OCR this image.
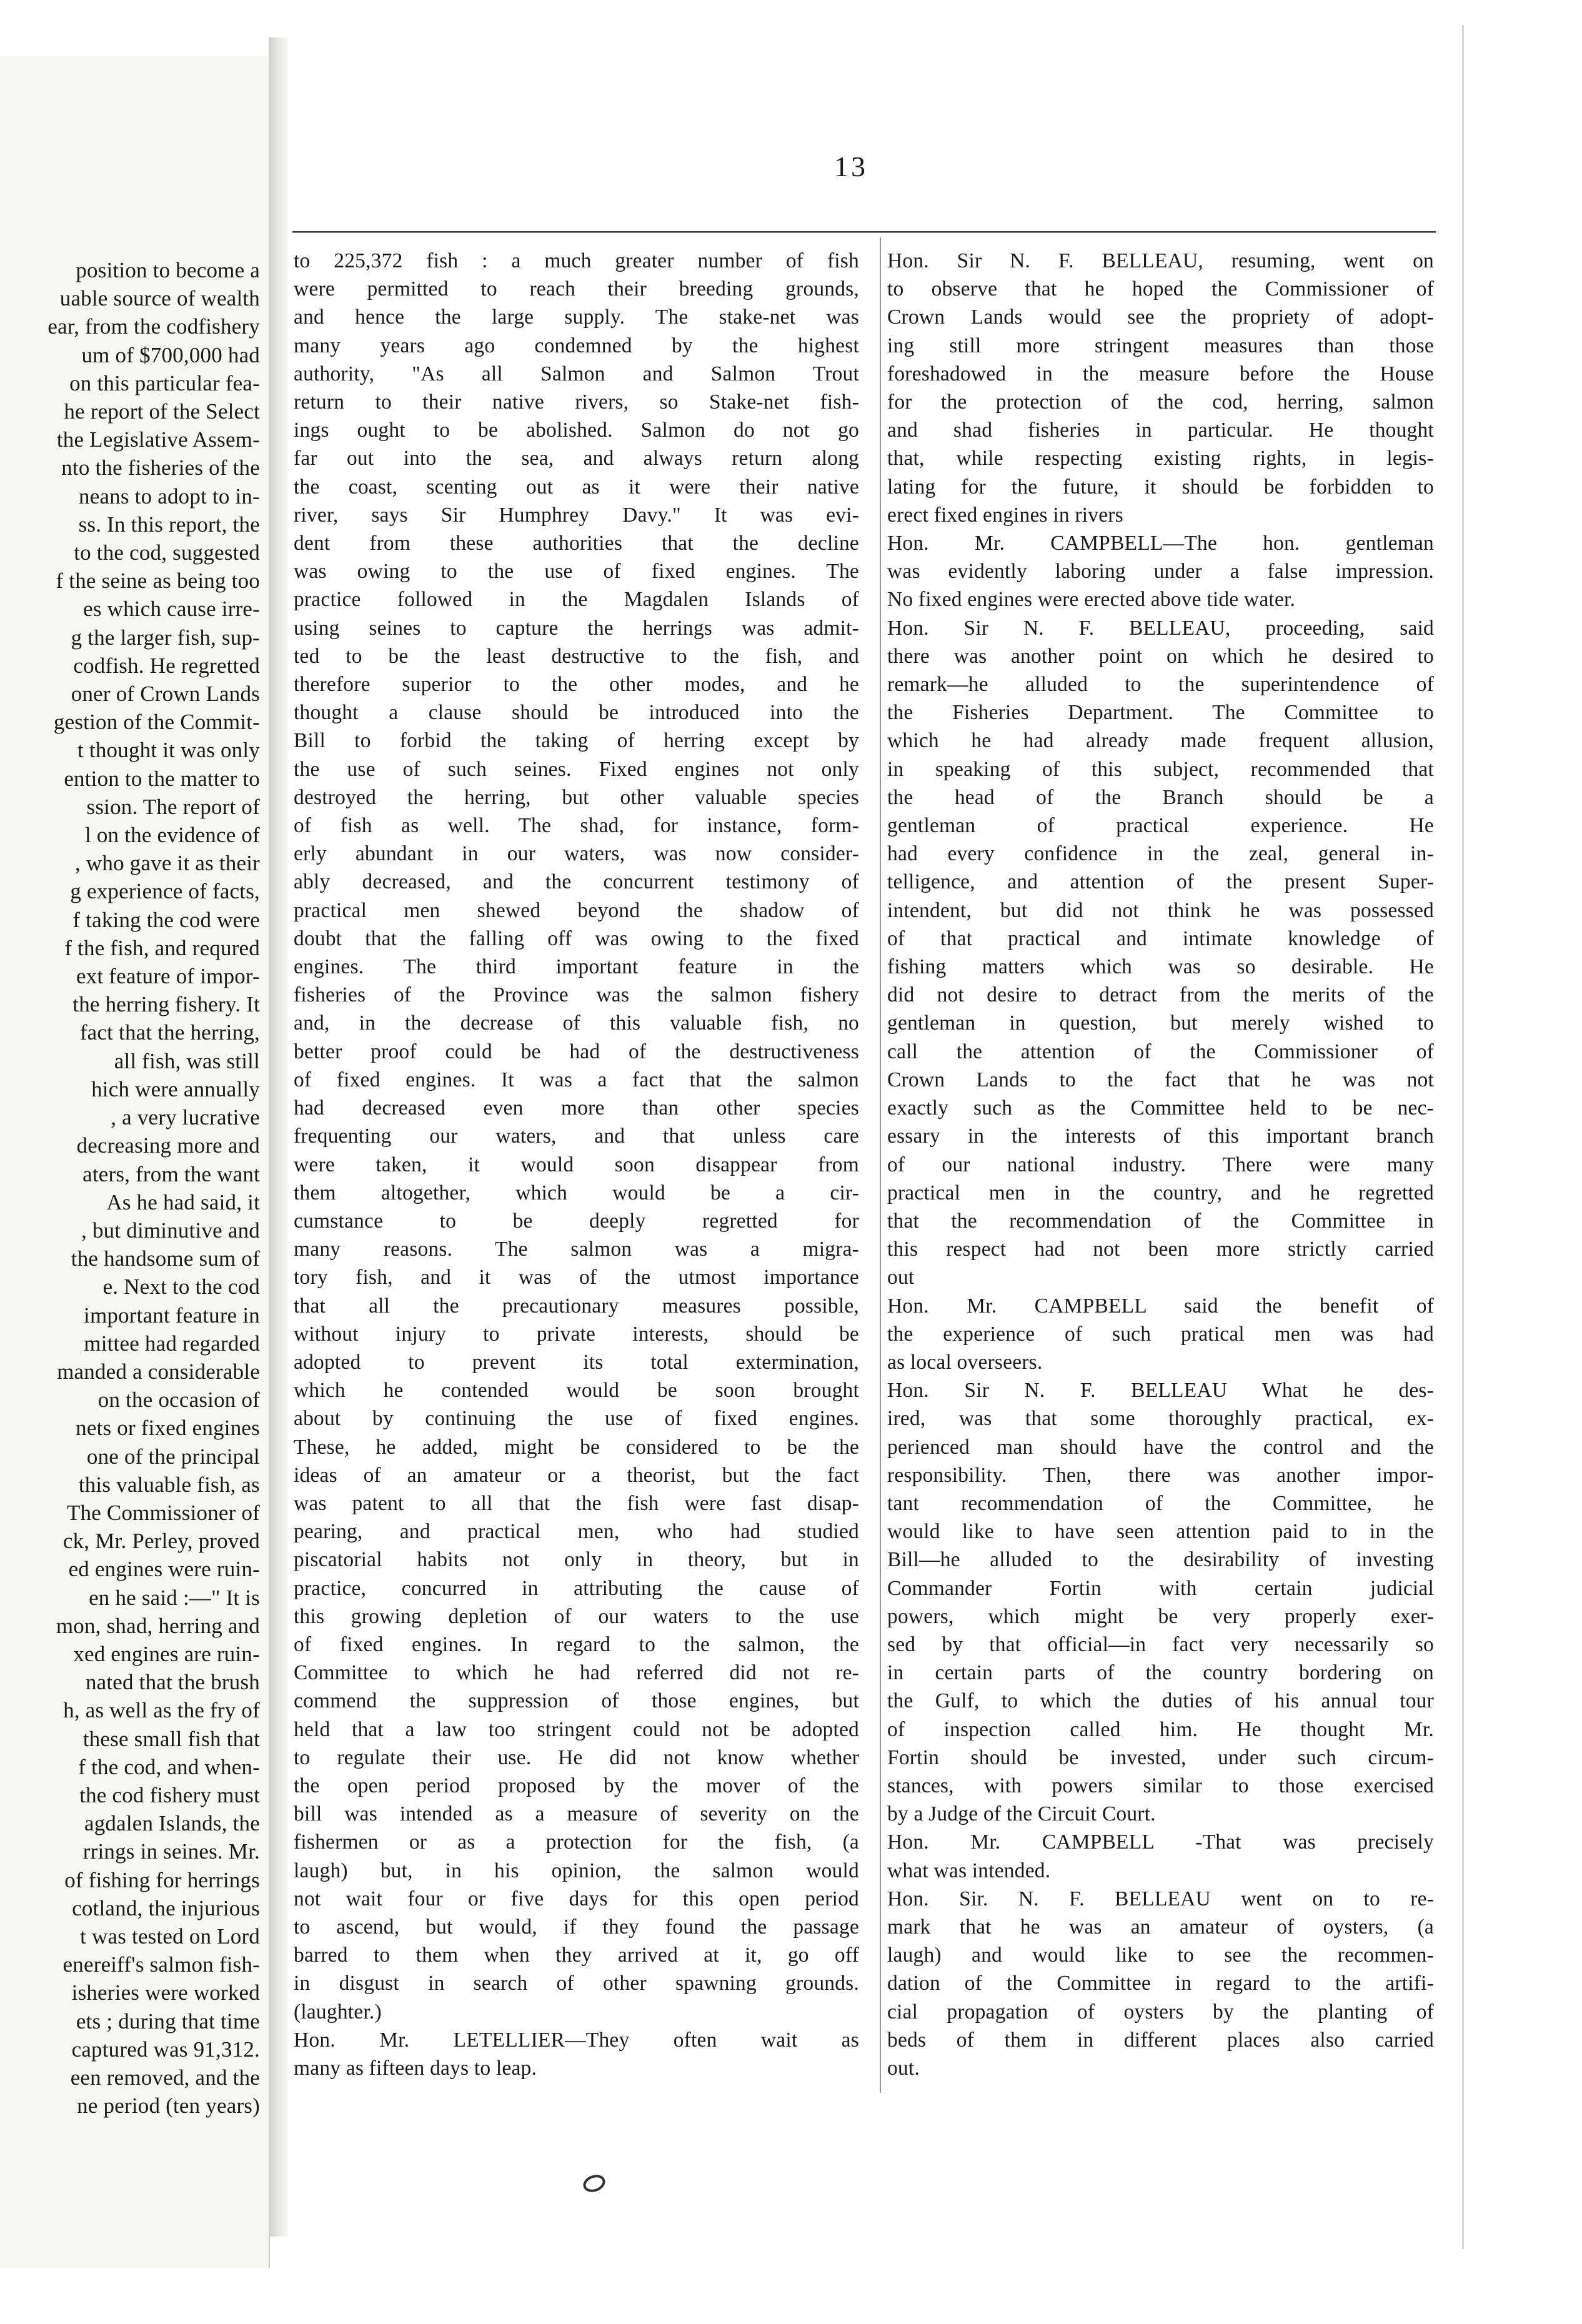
position to become a
uable source of wealth
ear, from the codfishery
um of $700,000 had
on this particular fea-
he report of the Select
the Legislative Assem-
nto the fisheries of the
neans to adopt to in-
ss. In this report, the
to the cod, suggested
f the seine as being too
es which cause irre-
g the larger fish, sup-
codfish. He regretted
oner of Crown Lands
gestion of the Commit-
t thought it was only
ention to the matter to
ssion. The report of
l on the evidence of
, who gave it as their
g experience of facts,
f taking the cod were
f the fish, and requred
ext feature of impor-
the herring fishery. It
fact that the herring,
all fish, was still
hich were annually
, a very lucrative
decreasing more and
aters, from the want
As he had said, it
, but diminutive and
the handsome sum of
e. Next to the cod
important feature in
mittee had regarded
manded a considerable
on the occasion of
nets or fixed engines
one of the principal
this valuable fish, as
The Commissioner of
ck, Mr. Perley, proved
ed engines were ruin-
en he said :—" It is
mon, shad, herring and
xed engines are ruin-
nated that the brush
h, as well as the fry of
these small fish that
f the cod, and when-
the cod fishery must
agdalen Islands, the
rrings in seines. Mr.
of fishing for herrings
cotland, the injurious
t was tested on Lord
enereiff's salmon fish-
isheries were worked
ets ; during that time
captured was 91,312.
een removed, and the
ne period (ten years)
13
to 225,372 fish : a much greater number of fish
were permitted to reach their breeding grounds,
and hence the large supply. The stake-net was
many years ago condemned by the highest
authority, "As all Salmon and Salmon Trout
return to their native rivers, so Stake-net fish-
ings ought to be abolished. Salmon do not go
far out into the sea, and always return along
the coast, scenting out as it were their native
river, says Sir Humphrey Davy." It was evi-
dent from these authorities that the decline
was owing to the use of fixed engines. The
practice followed in the Magdalen Islands of
using seines to capture the herrings was admit-
ted to be the least destructive to the fish, and
therefore superior to the other modes, and he
thought a clause should be introduced into the
Bill to forbid the taking of herring except by
the use of such seines. Fixed engines not only
destroyed the herring, but other valuable species
of fish as well. The shad, for instance, form-
erly abundant in our waters, was now consider-
ably decreased, and the concurrent testimony of
practical men shewed beyond the shadow of
doubt that the falling off was owing to the fixed
engines. The third important feature in the
fisheries of the Province was the salmon fishery
and, in the decrease of this valuable fish, no
better proof could be had of the destructiveness
of fixed engines. It was a fact that the salmon
had decreased even more than other species
frequenting our waters, and that unless care
were taken, it would soon disappear from
them altogether, which would be a cir-
cumstance to be deeply regretted for
many reasons. The salmon was a migra-
tory fish, and it was of the utmost importance
that all the precautionary measures possible,
without injury to private interests, should be
adopted to prevent its total extermination,
which he contended would be soon brought
about by continuing the use of fixed engines.
These, he added, might be considered to be the
ideas of an amateur or a theorist, but the fact
was patent to all that the fish were fast disap-
pearing, and practical men, who had studied
piscatorial habits not only in theory, but in
practice, concurred in attributing the cause of
this growing depletion of our waters to the use
of fixed engines. In regard to the salmon, the
Committee to which he had referred did not re-
commend the suppression of those engines, but
held that a law too stringent could not be adopted
to regulate their use. He did not know whether
the open period proposed by the mover of the
bill was intended as a measure of severity on the
fishermen or as a protection for the fish, (a
laugh) but, in his opinion, the salmon would
not wait four or five days for this open period
to ascend, but would, if they found the passage
barred to them when they arrived at it, go off
in disgust in search of other spawning grounds.
(laughter.)
Hon. Mr. LETELLIER—They often wait as
many as fifteen days to leap.
Hon. Sir N. F. BELLEAU, resuming, went on
to observe that he hoped the Commissioner of
Crown Lands would see the propriety of adopt-
ing still more stringent measures than those
foreshadowed in the measure before the House
for the protection of the cod, herring, salmon
and shad fisheries in particular. He thought
that, while respecting existing rights, in legis-
lating for the future, it should be forbidden to
erect fixed engines in rivers
Hon. Mr. CAMPBELL—The hon. gentleman
was evidently laboring under a false impression.
No fixed engines were erected above tide water.
Hon. Sir N. F. BELLEAU, proceeding, said
there was another point on which he desired to
remark—he alluded to the superintendence of
the Fisheries Department. The Committee to
which he had already made frequent allusion,
in speaking of this subject, recommended that
the head of the Branch should be a
gentleman of practical experience. He
had every confidence in the zeal, general in-
telligence, and attention of the present Super-
intendent, but did not think he was possessed
of that practical and intimate knowledge of
fishing matters which was so desirable. He
did not desire to detract from the merits of the
gentleman in question, but merely wished to
call the attention of the Commissioner of
Crown Lands to the fact that he was not
exactly such as the Committee held to be nec-
essary in the interests of this important branch
of our national industry. There were many
practical men in the country, and he regretted
that the recommendation of the Committee in
this respect had not been more strictly carried
out
Hon. Mr. CAMPBELL said the benefit of
the experience of such pratical men was had
as local overseers.
Hon. Sir N. F. BELLEAU What he des-
ired, was that some thoroughly practical, ex-
perienced man should have the control and the
responsibility. Then, there was another impor-
tant recommendation of the Committee, he
would like to have seen attention paid to in the
Bill—he alluded to the desirability of investing
Commander Fortin with certain judicial
powers, which might be very properly exer-
sed by that official—in fact very necessarily so
in certain parts of the country bordering on
the Gulf, to which the duties of his annual tour
of inspection called him. He thought Mr.
Fortin should be invested, under such circum-
stances, with powers similar to those exercised
by a Judge of the Circuit Court.
Hon. Mr. CAMPBELL -That was precisely
what was intended.
Hon. Sir. N. F. BELLEAU went on to re-
mark that he was an amateur of oysters, (a
laugh) and would like to see the recommen-
dation of the Committee in regard to the artifi-
cial propagation of oysters by the planting of
beds of them in different places also carried
out.
